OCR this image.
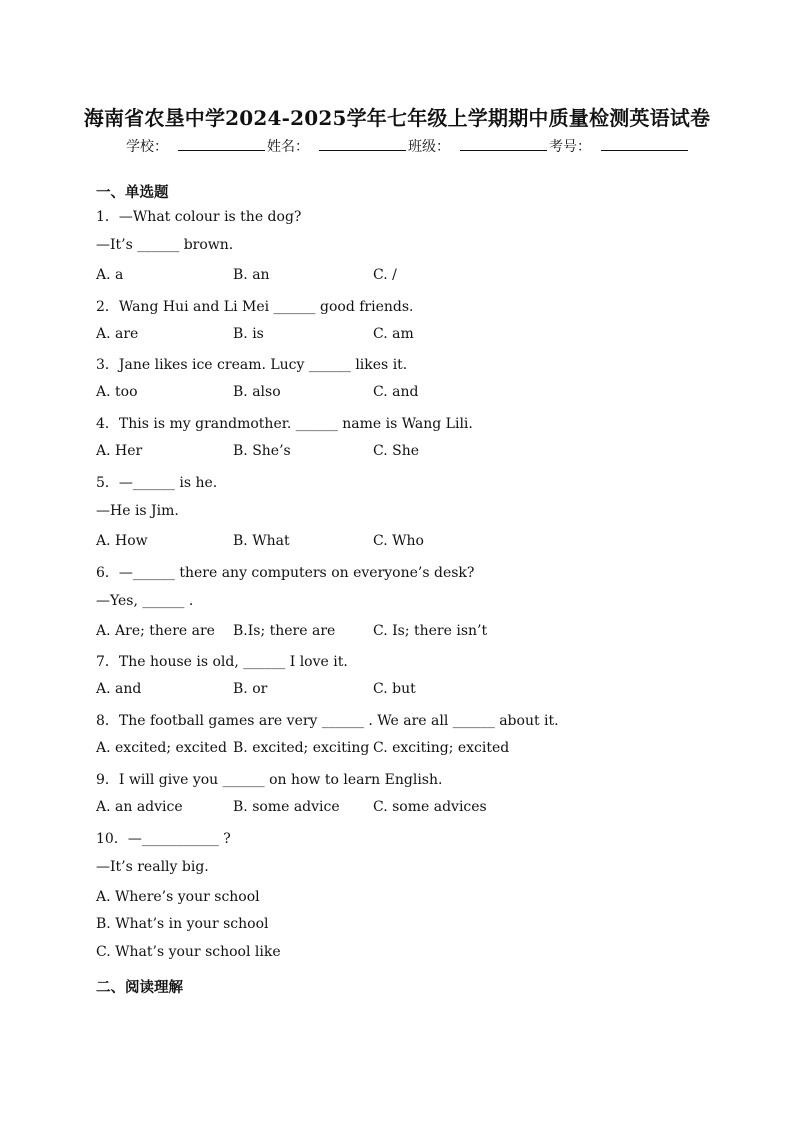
海南省农垦中学2024-2025学年七年级上学期期中质量检测英语试卷
学校：	姓名：	班级：	考号：
一、单选题
1．—What colour is the dog?
—It’s ______ brown.
A. a	B. an	C. /
2．Wang Hui and Li Mei ______ good friends.
A. are	B. is	C. am
3．Jane likes ice cream. Lucy ______ likes it.
A. too	B. also	C. and
4．This is my grandmother. ______ name is Wang Lili.
A. Her	B. She’s	C. She
5．—______ is he.
—He is Jim.
A. How	B. What	C. Who
6．—______ there any computers on everyone’s desk?
—Yes, ______ .
A. Are; there are B.Is; there are	C. Is; there isn’t
7．The house is old, ______ I love it.
A. and	B. or	C. but
8．The football games are very ______ . We are all ______ about it.
A. excited; excited B. excited; exciting C. exciting; excited
9．I will give you ______ on how to learn English.
A. an advice	B. some advice C. some advices
10．—___________ ?
—It’s really big.
A. Where’s your school
B. What’s in your school
C. What’s your school like
二、阅读理解
